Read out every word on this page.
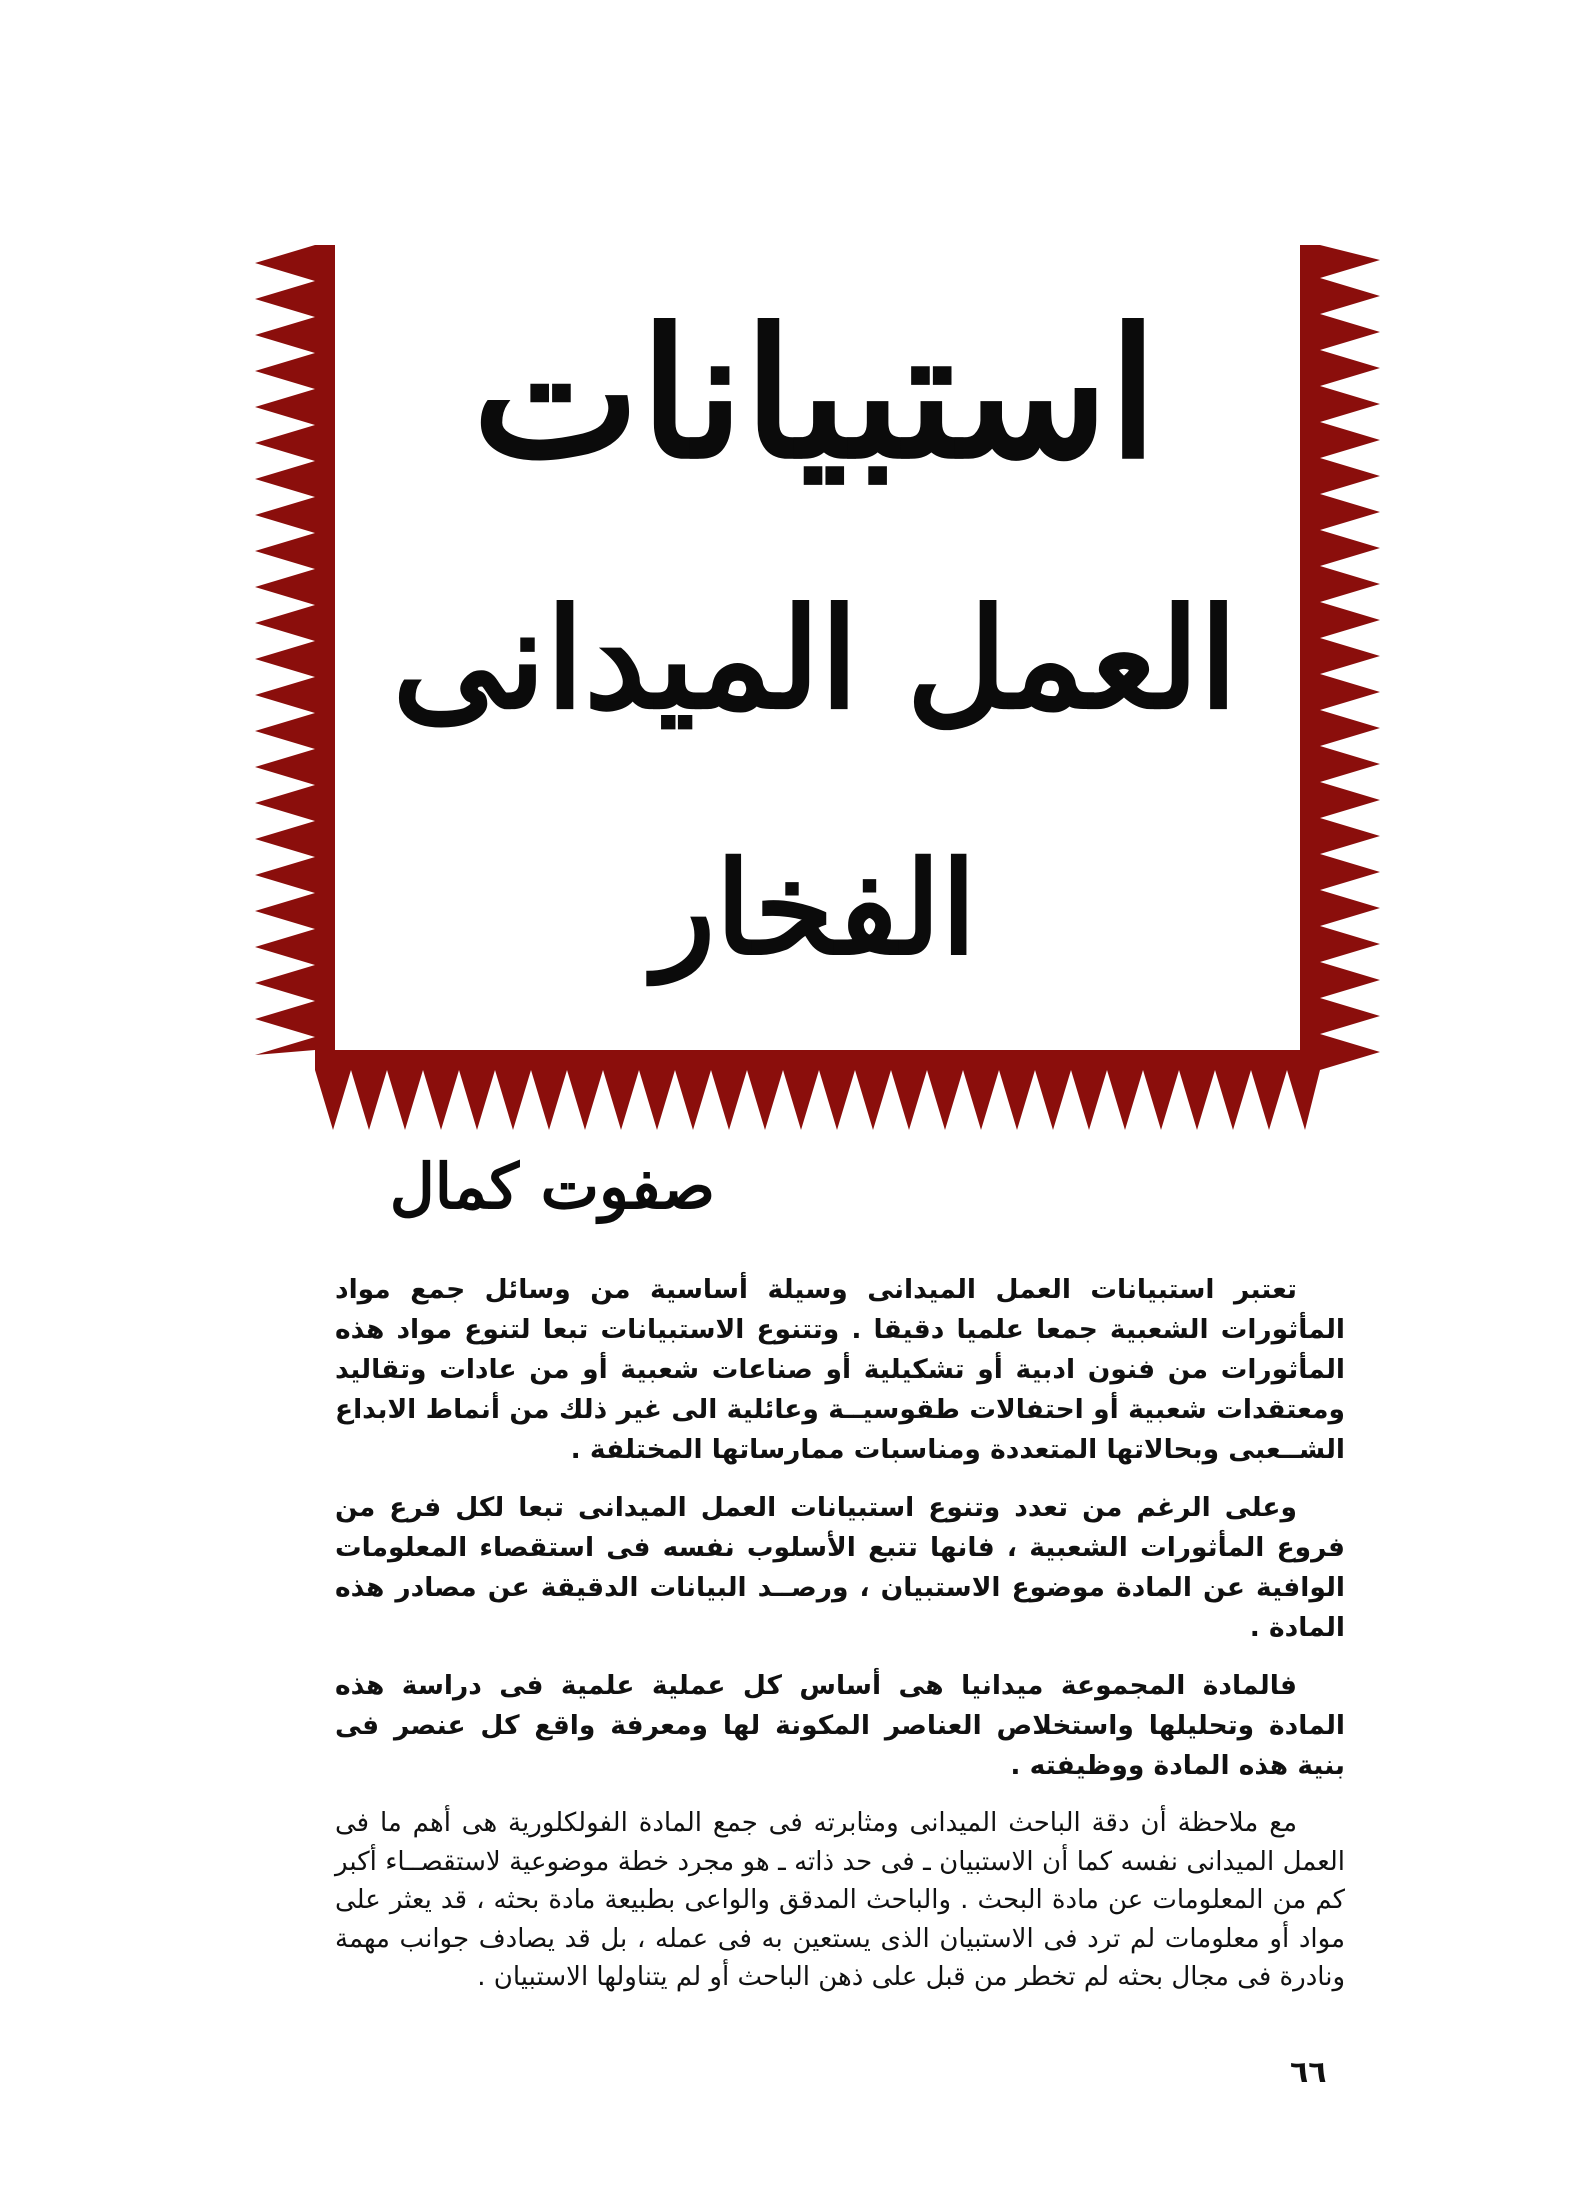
استبيانات
العمل الميدانى
الفخار
صفوت كمال

تعتبر استبيانات العمل الميدانى وسيلة أساسية من وسائل جمع مواد المأثورات الشعبية جمعا علميا دقيقا . وتتنوع الاستبيانات تبعا لتنوع مواد هذه المأثورات من فنون ادبية أو تشكيلية أو صناعات شعبية أو من عادات وتقاليد ومعتقدات شعبية أو احتفالات طقوسيــة وعائلية الى غير ذلك من أنماط الابداع الشــعبى وبحالاتها المتعددة ومناسبات ممارساتها المختلفة .

وعلى الرغم من تعدد وتنوع استبيانات العمل الميدانى تبعا لكل فرع من فروع المأثورات الشعبية ، فانها تتبع الأسلوب نفسه فى استقصاء المعلومات الوافية عن المادة موضوع الاستبيان ، ورصــد البيانات الدقيقة عن مصادر هذه المادة .

فالمادة المجموعة ميدانيا هى أساس كل عملية علمية فى دراسة هذه المادة وتحليلها واستخلاص العناصر المكونة لها ومعرفة واقع كل عنصر فى بنية هذه المادة ووظيفته .

مع ملاحظة أن دقة الباحث الميدانى ومثابرته فى جمع المادة الفولكلورية هى أهم ما فى العمل الميدانى نفسه كما أن الاستبيان ـ فى حد ذاته ـ هو مجرد خطة موضوعية لاستقصــاء أكبر كم من المعلومات عن مادة البحث . والباحث المدقق والواعى بطبيعة مادة بحثه ، قد يعثر على مواد أو معلومات لم ترد فى الاستبيان الذى يستعين به فى عمله ، بل قد يصادف جوانب مهمة ونادرة فى مجال بحثه لم تخطر من قبل على ذهن الباحث أو لم يتناولها الاستبيان .

٦٦
